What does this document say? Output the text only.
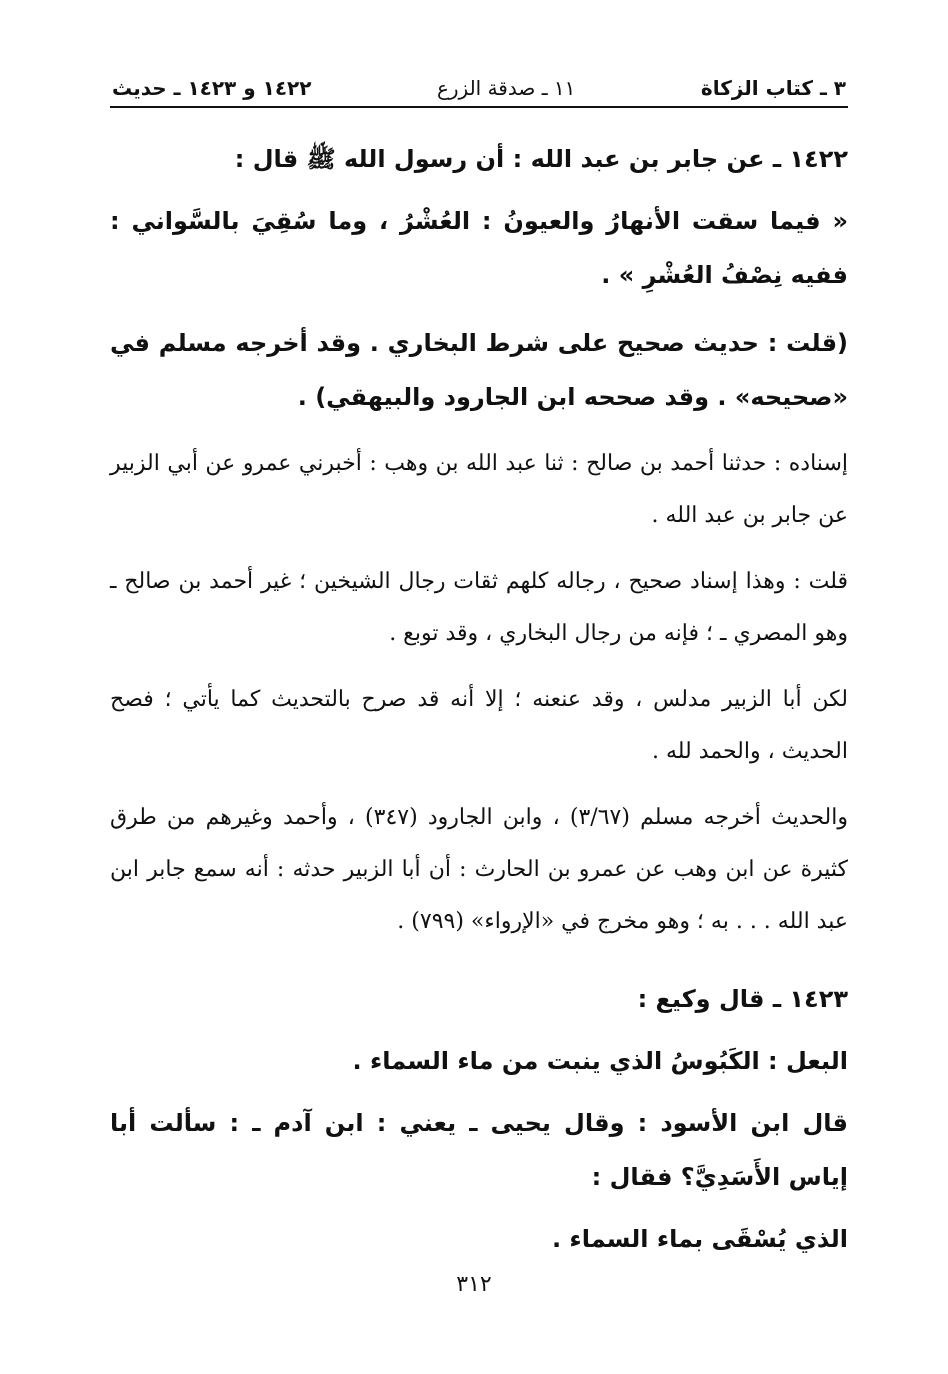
٣ ـ كتاب الزكاة
١١ ـ صدقة الزرع
١٤٢٢ و ١٤٢٣ ـ حديث

١٤٢٢ ـ عن جابر بن عبد الله : أن رسول الله ﷺ قال :

« فيما سقت الأنهارُ والعيونُ : العُشْرُ ، وما سُقِيَ بالسَّواني : ففيه نِصْفُ العُشْرِ » .

(قلت : حديث صحيح على شرط البخاري . وقد أخرجه مسلم في «صحيحه» . وقد صححه ابن الجارود والبيهقي) .

إسناده : حدثنا أحمد بن صالح : ثنا عبد الله بن وهب : أخبرني عمرو عن أبي الزبير عن جابر بن عبد الله .

قلت : وهذا إسناد صحيح ، رجاله كلهم ثقات رجال الشيخين ؛ غير أحمد بن صالح ـ وهو المصري ـ ؛ فإنه من رجال البخاري ، وقد توبع .

لكن أبا الزبير مدلس ، وقد عنعنه ؛ إلا أنه قد صرح بالتحديث كما يأتي ؛ فصح الحديث ، والحمد لله .

والحديث أخرجه مسلم (٣/٦٧) ، وابن الجارود (٣٤٧) ، وأحمد وغيرهم من طرق كثيرة عن ابن وهب عن عمرو بن الحارث : أن أبا الزبير حدثه : أنه سمع جابر ابن عبد الله . . . به ؛ وهو مخرج في «الإرواء» (٧٩٩) .

١٤٢٣ ـ قال وكيع :

البعل : الكَبُوسُ الذي ينبت من ماء السماء .

قال ابن الأسود : وقال يحيى ـ يعني : ابن آدم ـ : سألت أبا إياس الأَسَدِيَّ؟ فقال :

الذي يُسْقَى بماء السماء .

٣١٢
